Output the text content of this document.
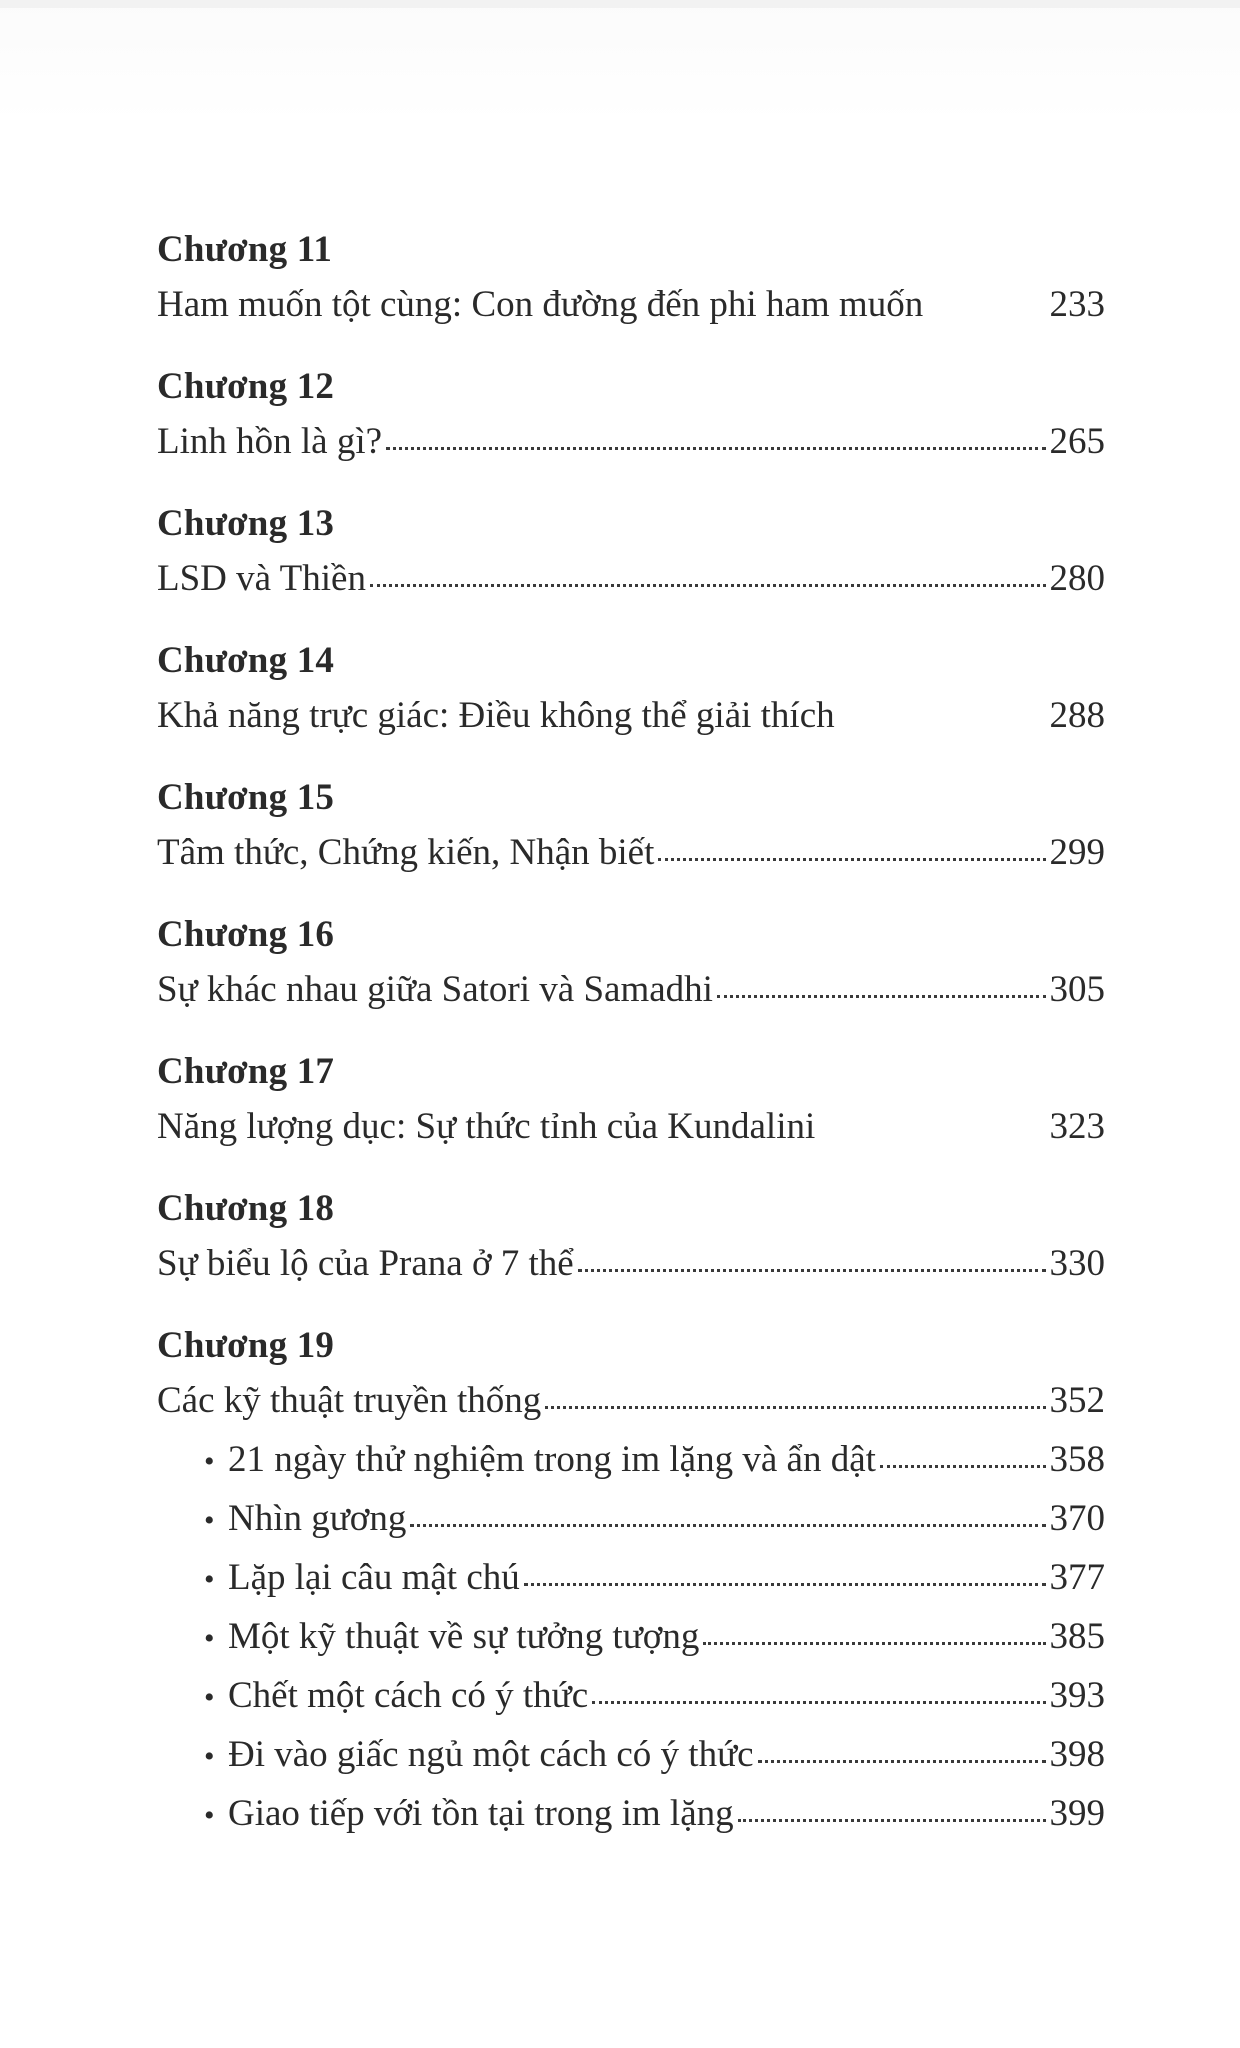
Chương 11
Ham muốn tột cùng: Con đường đến phi ham muốn	233
Chương 12
Linh hồn là gì?	265
Chương 13
LSD và Thiền	280
Chương 14
Khả năng trực giác: Điều không thể giải thích	288
Chương 15
Tâm thức, Chứng kiến, Nhận biết	299
Chương 16
Sự khác nhau giữa Satori và Samadhi	305
Chương 17
Năng lượng dục: Sự thức tỉnh của Kundalini	323
Chương 18
Sự biểu lộ của Prana ở 7 thể	330
Chương 19
Các kỹ thuật truyền thống	352
• 21 ngày thử nghiệm trong im lặng và ẩn dật	358
• Nhìn gương	370
• Lặp lại câu mật chú	377
• Một kỹ thuật về sự tưởng tượng	385
• Chết một cách có ý thức	393
• Đi vào giấc ngủ một cách có ý thức	398
• Giao tiếp với tồn tại trong im lặng	399
